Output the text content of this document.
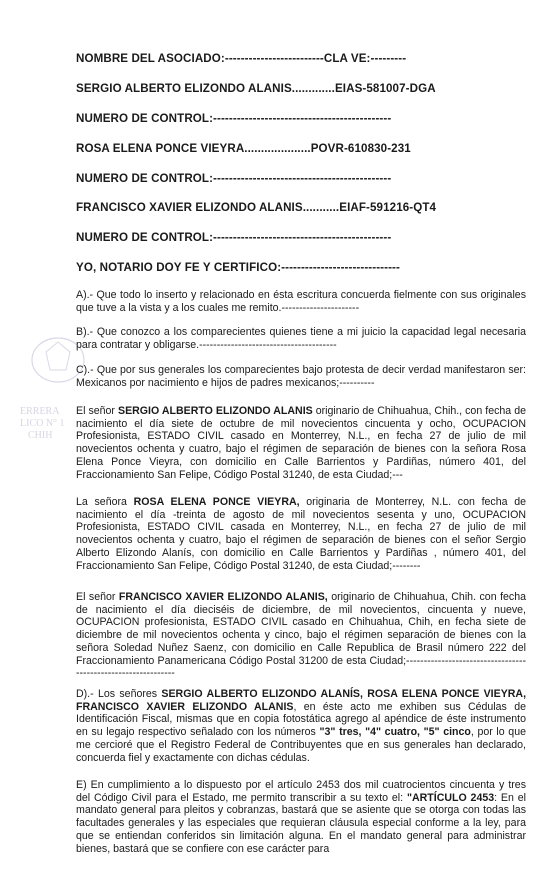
ERRERA
LICO N° 1
CHIH
NOMBRE DEL ASOCIADO:-------------------------CLA VE:---------
SERGIO ALBERTO ELIZONDO ALANIS.............EIAS-581007-DGA
NUMERO DE CONTROL:---------------------------------------------
ROSA ELENA PONCE VIEYRA....................POVR-610830-231
NUMERO DE CONTROL:---------------------------------------------
FRANCISCO XAVIER ELIZONDO ALANIS...........EIAF-591216-QT4
NUMERO DE CONTROL:---------------------------------------------
YO, NOTARIO DOY FE Y CERTIFICO:------------------------------
A).- Que todo lo inserto y relacionado en ésta escritura concuerda fielmente con sus originales que tuve a la vista y a los cuales me remito.----------------------
B).- Que conozco a los comparecientes quienes tiene a mi juicio la capacidad legal necesaria para contratar y obligarse.---------------------------------------
C).- Que por sus generales los comparecientes bajo protesta de decir verdad manifestaron ser: Mexicanos por nacimiento e hijos de padres mexicanos;----------
El señor SERGIO ALBERTO ELIZONDO ALANIS originario de Chihuahua, Chih., con fecha de nacimiento el día siete de octubre de mil novecientos cincuenta y ocho, OCUPACION Profesionista, ESTADO CIVIL casado en Monterrey, N.L., en fecha 27 de julio de mil novecientos ochenta y cuatro, bajo el régimen de separación de bienes con la señora Rosa Elena Ponce Vieyra, con domicilio en Calle Barrientos y Pardiñas, número 401, del Fraccionamiento San Felipe, Código Postal 31240, de esta Ciudad;---
La señora ROSA ELENA PONCE VIEYRA, originaria de Monterrey, N.L. con fecha de nacimiento el día -treinta de agosto de mil novecientos sesenta y uno, OCUPACION Profesionista, ESTADO CIVIL casada en Monterrey, N.L., en fecha 27 de julio de mil novecientos ochenta y cuatro, bajo el régimen de separación de bienes con el señor Sergio Alberto Elizondo Alanís, con domicilio en Calle Barrientos y Pardiñas , número 401, del Fraccionamiento San Felipe, Código Postal 31240, de esta Ciudad;--------
El señor FRANCISCO XAVIER ELIZONDO ALANIS, originario de Chihuahua, Chih. con fecha de nacimiento el día dieciséis de diciembre, de mil novecientos, cincuenta y nueve, OCUPACION profesionista, ESTADO CIVIL casado en Chihuahua, Chih, en fecha siete de diciembre de mil novecientos ochenta y cinco, bajo el régimen separación de bienes con la señora Soledad Nuñez Saenz, con domicilio en Calle Republica de Brasil número 222 del Fraccionamiento Panamericana Código Postal 31200 de esta Ciudad;--------------------------------------------------------------
D).- Los señores SERGIO ALBERTO ELIZONDO ALANÍS, ROSA ELENA PONCE VIEYRA, FRANCISCO XAVIER ELIZONDO ALANIS, en éste acto me exhiben sus Cédulas de Identificación Fiscal, mismas que en copia fotostática agrego al apéndice de éste instrumento en su legajo respectivo señalado con los números "3" tres, "4" cuatro, "5" cinco, por lo que me cercioré que el Registro Federal de Contribuyentes que en sus generales han declarado, concuerda fiel y exactamente con dichas cédulas.
E) En cumplimiento a lo dispuesto por el artículo 2453 dos mil cuatrocientos cincuenta y tres del Código Civil para el Estado, me permito transcribir a su texto el: "ARTÍCULO 2453: En el mandato general para pleitos y cobranzas, bastará que se asiente que se otorga con todas las facultades generales y las especiales que requieran cláusula especial conforme a la ley, para que se entiendan conferidos sin limitación alguna. En el mandato general para administrar bienes, bastará que se confiere con ese carácter para
